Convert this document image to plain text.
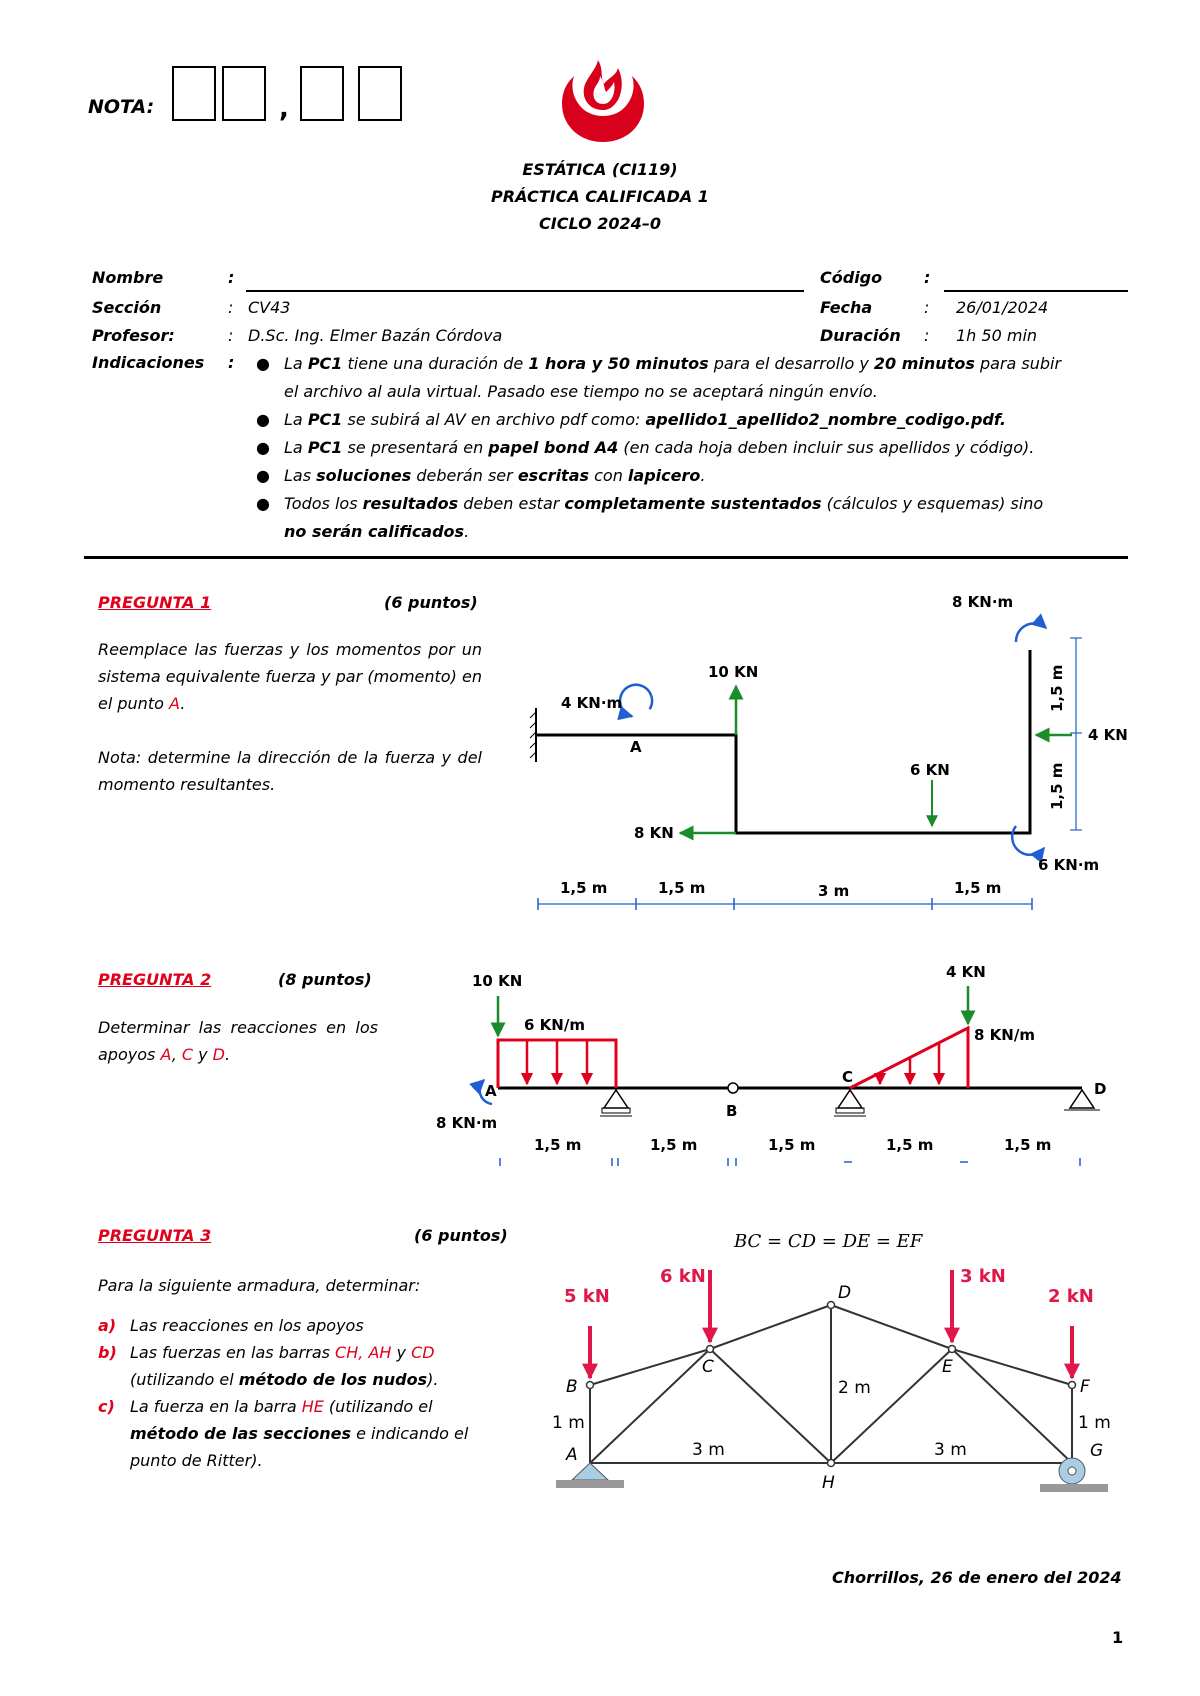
NOTA:	,
ESTÁTICA (CI119)
PRÁCTICA CALIFICADA 1
CICLO 2024–0
Nombre	:	Código	:
Sección	: CV43	Fecha	: 26/01/2024
Profesor:	: D.Sc. Ing. Elmer Bazán Córdova	Duración : 1h 50 min
Indicaciones : ● La PC1 tiene una duración de 1 hora y 50 minutos para el desarrollo y 20 minutos para subir
el archivo al aula virtual. Pasado ese tiempo no se aceptará ningún envío.
● La PC1 se subirá al AV en archivo pdf como: apellido1_apellido2_nombre_codigo.pdf.
● La PC1 se presentará en papel bond A4 (en cada hoja deben incluir sus apellidos y código).
● Las soluciones deberán ser escritas con lapicero.
● Todos los resultados deben estar completamente sustentados (cálculos y esquemas) sino
no serán calificados.
PREGUNTA 1	(6 puntos)
Reemplace las fuerzas y los momentos por un sistema equivalente fuerza y par (momento) en el punto A.
Nota: determine la dirección de la fuerza y del momento resultantes.
8 KN·m
10 KN
4 KN·m
A
4 KN
6 KN
8 KN
6 KN·m
1,5 m	1,5 m	3 m	1,5 m
1,5 m
1,5 m
PREGUNTA 2	(8 puntos)
Determinar las reacciones en los apoyos A, C y D.
10 KN
6 KN/m
4 KN
8 KN/m
A
B
C
D
8 KN·m
1,5 m	1,5 m	1,5 m	1,5 m	1,5 m
PREGUNTA 3	(6 puntos)
Para la siguiente armadura, determinar:
a) Las reacciones en los apoyos
b) Las fuerzas en las barras CH, AH y CD
(utilizando el método de los nudos).
c) La fuerza en la barra HE (utilizando el
método de las secciones e indicando el
punto de Ritter).
BC = CD = DE = EF
5 kN
6 kN	3 kN
2 kN
A
B
C
D
E
F
G
H
1 m	1 m
2 m
3 m	3 m
Chorrillos, 26 de enero del 2024
1
